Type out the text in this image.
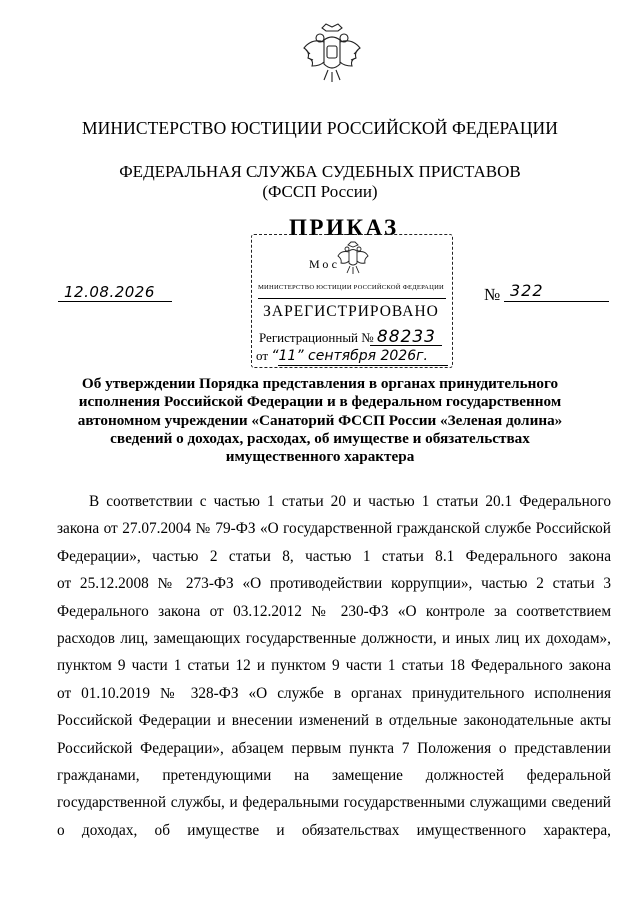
МИНИСТЕРСТВО ЮСТИЦИИ РОССИЙСКОЙ ФЕДЕРАЦИИ
ФЕДЕРАЛЬНАЯ СЛУЖБА СУДЕБНЫХ ПРИСТАВОВ
(ФССП России)
ПРИКАЗ
Мос
МИНИСТЕРСТВО ЮСТИЦИИ РОССИЙСКОЙ ФЕДЕРАЦИИ
ЗАРЕГИСТРИРОВАНО
Регистрационный № 88233
от “11” сентября 2026г.
12.08.2026	№ 322
Об утверждении Порядка представления в органах принудительного
исполнения Российской Федерации и в федеральном государственном
автономном учреждении «Санаторий ФССП России «Зеленая долина»
сведений о доходах, расходах, об имуществе и обязательствах
имущественного характера
В соответствии с частью 1 статьи 20 и частью 1 статьи 20.1 Федерального
закона от 27.07.2004 № 79-ФЗ «О государственной гражданской службе Российской
Федерации», частью 2 статьи 8, частью 1 статьи 8.1 Федерального закона
от 25.12.2008 № 273-ФЗ «О противодействии коррупции», частью 2 статьи 3
Федерального закона от 03.12.2012 № 230-ФЗ «О контроле за соответствием
расходов лиц, замещающих государственные должности, и иных лиц их доходам»,
пунктом 9 части 1 статьи 12 и пунктом 9 части 1 статьи 18 Федерального закона
от 01.10.2019 № 328-ФЗ «О службе в органах принудительного исполнения
Российской Федерации и внесении изменений в отдельные законодательные акты
Российской Федерации», абзацем первым пункта 7 Положения о представлении
гражданами, претендующими на замещение должностей федеральной
государственной службы, и федеральными государственными служащими сведений
о доходах, об имуществе и обязательствах имущественного характера,
